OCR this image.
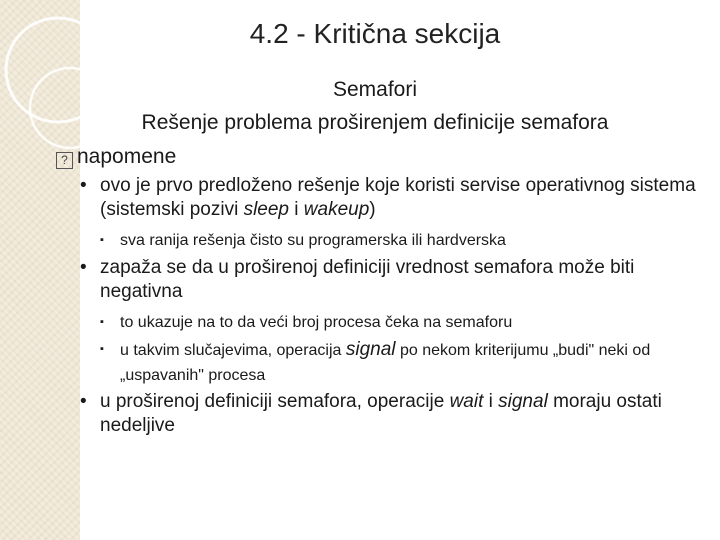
4.2 - Kritična sekcija
Semafori
Rešenje problema proširenjem definicije semafora
? napomene
• ovo je prvo predloženo rešenje koje koristi servise operativnog sistema (sistemski pozivi sleep i wakeup)
▪ sva ranija rešenja čisto su programerska ili hardverska
• zapaža se da u proširenoj definiciji vrednost semafora može biti negativna
▪ to ukazuje na to da veći broj procesa čeka na semaforu
▪ u takvim slučajevima, operacija signal po nekom kriterijumu „budi" neki od „uspavanih" procesa
• u proširenoj definiciji semafora, operacije wait i signal moraju ostati nedeljive
